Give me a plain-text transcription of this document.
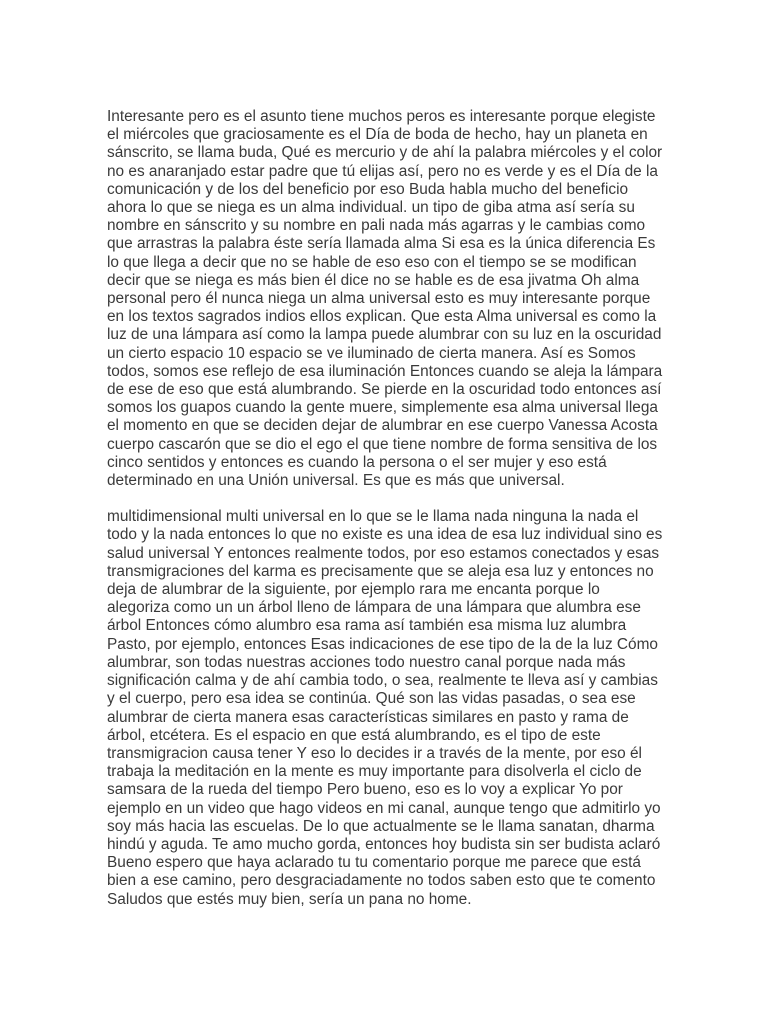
Interesante pero es el asunto tiene muchos peros es interesante porque elegiste el miércoles que graciosamente es el Día de boda de hecho, hay un planeta en sánscrito, se llama buda, Qué es mercurio y de ahí la palabra miércoles y el color no es anaranjado estar padre que tú elijas así, pero no es verde y es el Día de la comunicación y de los del beneficio por eso Buda habla mucho del beneficio ahora lo que se niega es un alma individual. un tipo de giba atma así sería su nombre en sánscrito y su nombre en pali nada más agarras y le cambias como que arrastras la palabra éste sería llamada alma Si esa es la única diferencia Es lo que llega a decir que no se hable de eso eso con el tiempo se se modifican decir que se niega es más bien él dice no se hable es de esa jivatma Oh alma personal pero él nunca niega un alma universal esto es muy interesante porque en los textos sagrados indios ellos explican. Que esta Alma universal es como la luz de una lámpara así como la lampa puede alumbrar con su luz en la oscuridad un cierto espacio 10 espacio se ve iluminado de cierta manera. Así es Somos todos, somos ese reflejo de esa iluminación Entonces cuando se aleja la lámpara de ese de eso que está alumbrando. Se pierde en la oscuridad todo entonces así somos los guapos cuando la gente muere, simplemente esa alma universal llega el momento en que se deciden dejar de alumbrar en ese cuerpo Vanessa Acosta cuerpo cascarón que se dio el ego el que tiene nombre de forma sensitiva de los cinco sentidos y entonces es cuando la persona o el ser mujer y eso está determinado en una Unión universal. Es que es más que universal.

multidimensional multi universal en lo que se le llama nada ninguna la nada el todo y la nada entonces lo que no existe es una idea de esa luz individual sino es salud universal Y entonces realmente todos, por eso estamos conectados y esas transmigraciones del karma es precisamente que se aleja esa luz y entonces no deja de alumbrar de la siguiente, por ejemplo rara me encanta porque lo alegoriza como un un árbol lleno de lámpara de una lámpara que alumbra ese árbol Entonces cómo alumbro esa rama así también esa misma luz alumbra Pasto, por ejemplo, entonces Esas indicaciones de ese tipo de la de la luz Cómo alumbrar, son todas nuestras acciones todo nuestro canal porque nada más significación calma y de ahí cambia todo, o sea, realmente te lleva así y cambias y el cuerpo, pero esa idea se continúa. Qué son las vidas pasadas, o sea ese alumbrar de cierta manera esas características similares en pasto y rama de árbol, etcétera. Es el espacio en que está alumbrando, es el tipo de este transmigracion causa tener Y eso lo decides ir a través de la mente, por eso él trabaja la meditación en la mente es muy importante para disolverla el ciclo de samsara de la rueda del tiempo Pero bueno, eso es lo voy a explicar Yo por ejemplo en un video que hago videos en mi canal, aunque tengo que admitirlo yo soy más hacia las escuelas. De lo que actualmente se le llama sanatan, dharma hindú y aguda. Te amo mucho gorda, entonces hoy budista sin ser budista aclaró Bueno espero que haya aclarado tu tu comentario porque me parece que está bien a ese camino, pero desgraciadamente no todos saben esto que te comento Saludos que estés muy bien, sería un pana no home.
